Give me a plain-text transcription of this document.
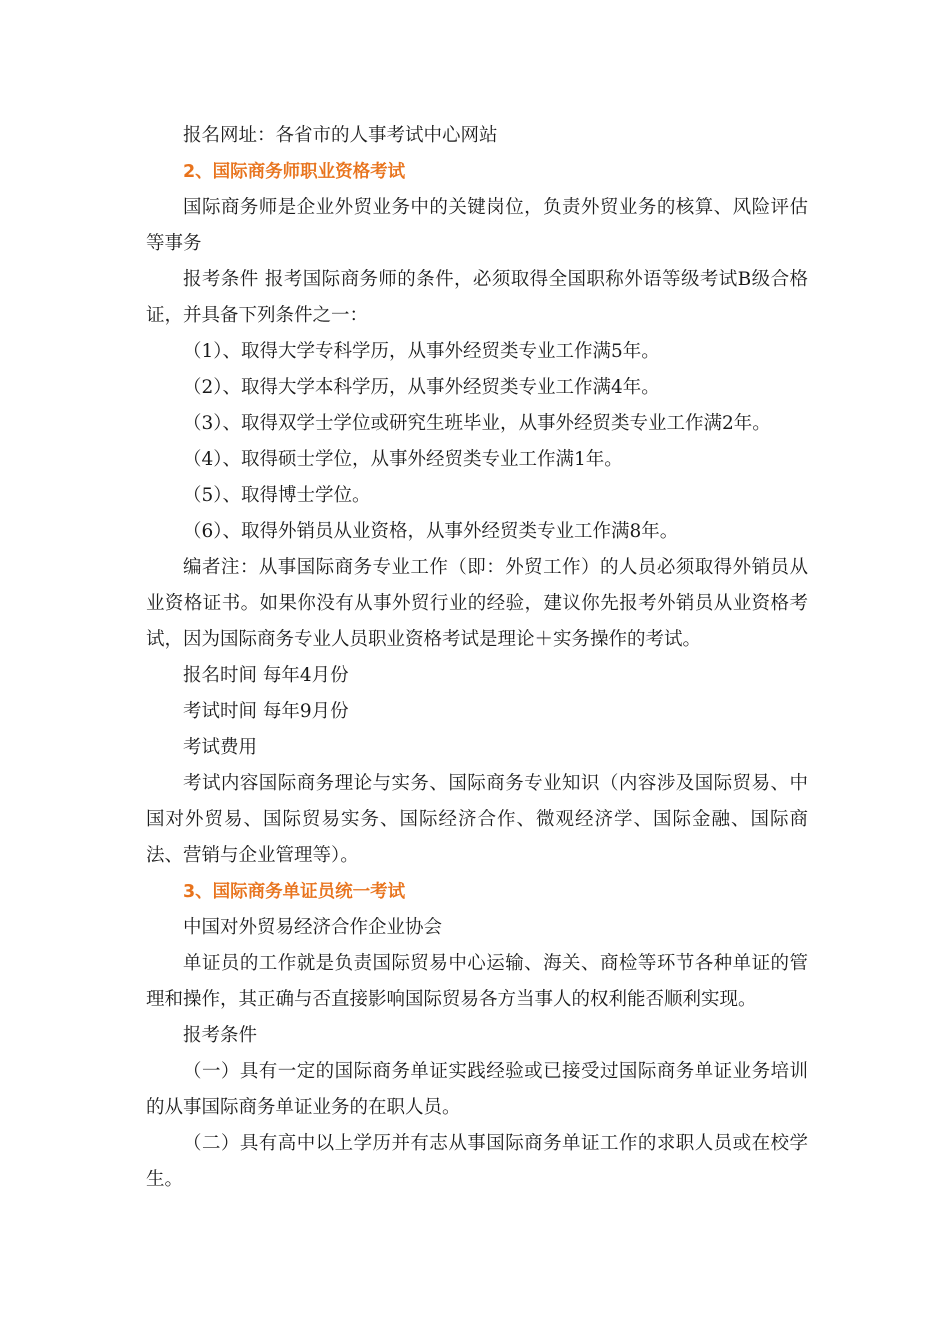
报名网址：各省市的人事考试中心网站

2、国际商务师职业资格考试

国际商务师是企业外贸业务中的关键岗位，负责外贸业务的核算、风险评估等事务

报考条件 报考国际商务师的条件，必须取得全国职称外语等级考试B级合格证，并具备下列条件之一：

（1）、取得大学专科学历，从事外经贸类专业工作满5年。

（2）、取得大学本科学历，从事外经贸类专业工作满4年。

（3）、取得双学士学位或研究生班毕业，从事外经贸类专业工作满2年。

（4）、取得硕士学位，从事外经贸类专业工作满1年。

（5）、取得博士学位。

（6）、取得外销员从业资格，从事外经贸类专业工作满8年。

编者注：从事国际商务专业工作（即：外贸工作）的人员必须取得外销员从业资格证书。如果你没有从事外贸行业的经验，建议你先报考外销员从业资格考试，因为国际商务专业人员职业资格考试是理论＋实务操作的考试。

报名时间 每年4月份

考试时间 每年9月份

考试费用

考试内容国际商务理论与实务、国际商务专业知识（内容涉及国际贸易、中国对外贸易、国际贸易实务、国际经济合作、微观经济学、国际金融、国际商法、营销与企业管理等）。

3、国际商务单证员统一考试

中国对外贸易经济合作企业协会

单证员的工作就是负责国际贸易中心运输、海关、商检等环节各种单证的管理和操作，其正确与否直接影响国际贸易各方当事人的权利能否顺利实现。

报考条件

（一）具有一定的国际商务单证实践经验或已接受过国际商务单证业务培训的从事国际商务单证业务的在职人员。

（二）具有高中以上学历并有志从事国际商务单证工作的求职人员或在校学生。
